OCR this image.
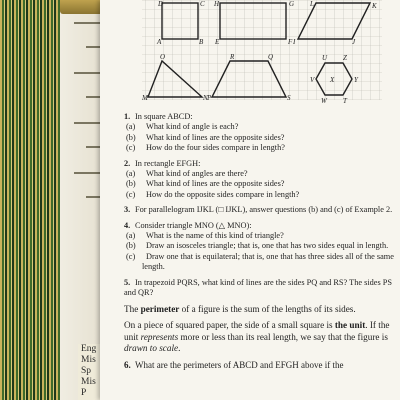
Eng
Mis
Sp
Mis
P
D	C H	G L	K
A	B E	F I	J
O	R	Q
M	N P	S
V
U Z
Y
T
W
X
1. In square ABCD:
(a) What kind of angle is each?
(b) What kind of lines are the opposite sides?
(c) How do the four sides compare in length?
2. In rectangle EFGH:
(a) What kind of angles are there?
(b) What kind of lines are the opposite sides?
(c) How do the opposite sides compare in length?
3. For parallelogram IJKL (□ IJKL), answer questions (b) and (c) of Example 2.
4. Consider triangle MNO (△ MNO):
(a) What is the name of this kind of triangle?
(b) Draw an isosceles triangle; that is, one that has two sides equal in length.
(c) Draw one that is equilateral; that is, one that has three sides all of the same length.
5. In trapezoid PQRS, what kind of lines are the sides PQ and RS? The sides PS and QR?
The perimeter of a figure is the sum of the lengths of its sides.
On a piece of squared paper, the side of a small square is the unit. If the unit represents more or less than its real length, we say that the figure is drawn to scale.
6. What are the perimeters of ABCD and EFGH above if the
